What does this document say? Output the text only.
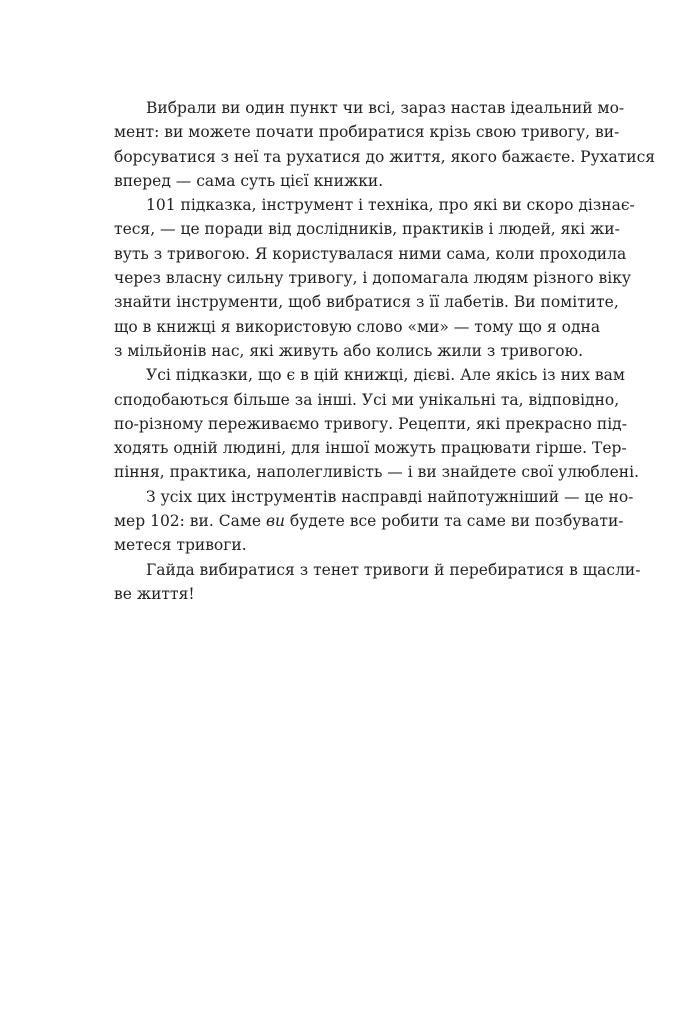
Вибрали ви один пункт чи всі, зараз настав ідеальний мо-
мент: ви можете почати пробиратися крізь свою тривогу, ви-
борсуватися з неї та рухатися до життя, якого бажаєте. Рухатися
вперед — сама суть цієї книжки.

101 підказка, інструмент і техніка, про які ви скоро дізнає-
теся, — це поради від дослідників, практиків і людей, які жи-
вуть з тривогою. Я користувалася ними сама, коли проходила
через власну сильну тривогу, і допомагала людям різного віку
знайти інструменти, щоб вибратися з її лабетів. Ви помітите,
що в книжці я використовую слово «ми» — тому що я одна
з мільйонів нас, які живуть або колись жили з тривогою.

Усі підказки, що є в цій книжці, дієві. Але якісь із них вам
сподобаються більше за інші. Усі ми унікальні та, відповідно,
по-різному переживаємо тривогу. Рецепти, які прекрасно під-
ходять одній людині, для іншої можуть працювати гірше. Тер-
піння, практика, наполегливість — і ви знайдете свої улюблені.

З усіх цих інструментів насправді найпотужніший — це но-
мер 102: ви. Саме ви будете все робити та саме ви позбувати-
метеся тривоги.

Гайда вибиратися з тенет тривоги й перебиратися в щасли-
ве життя!
